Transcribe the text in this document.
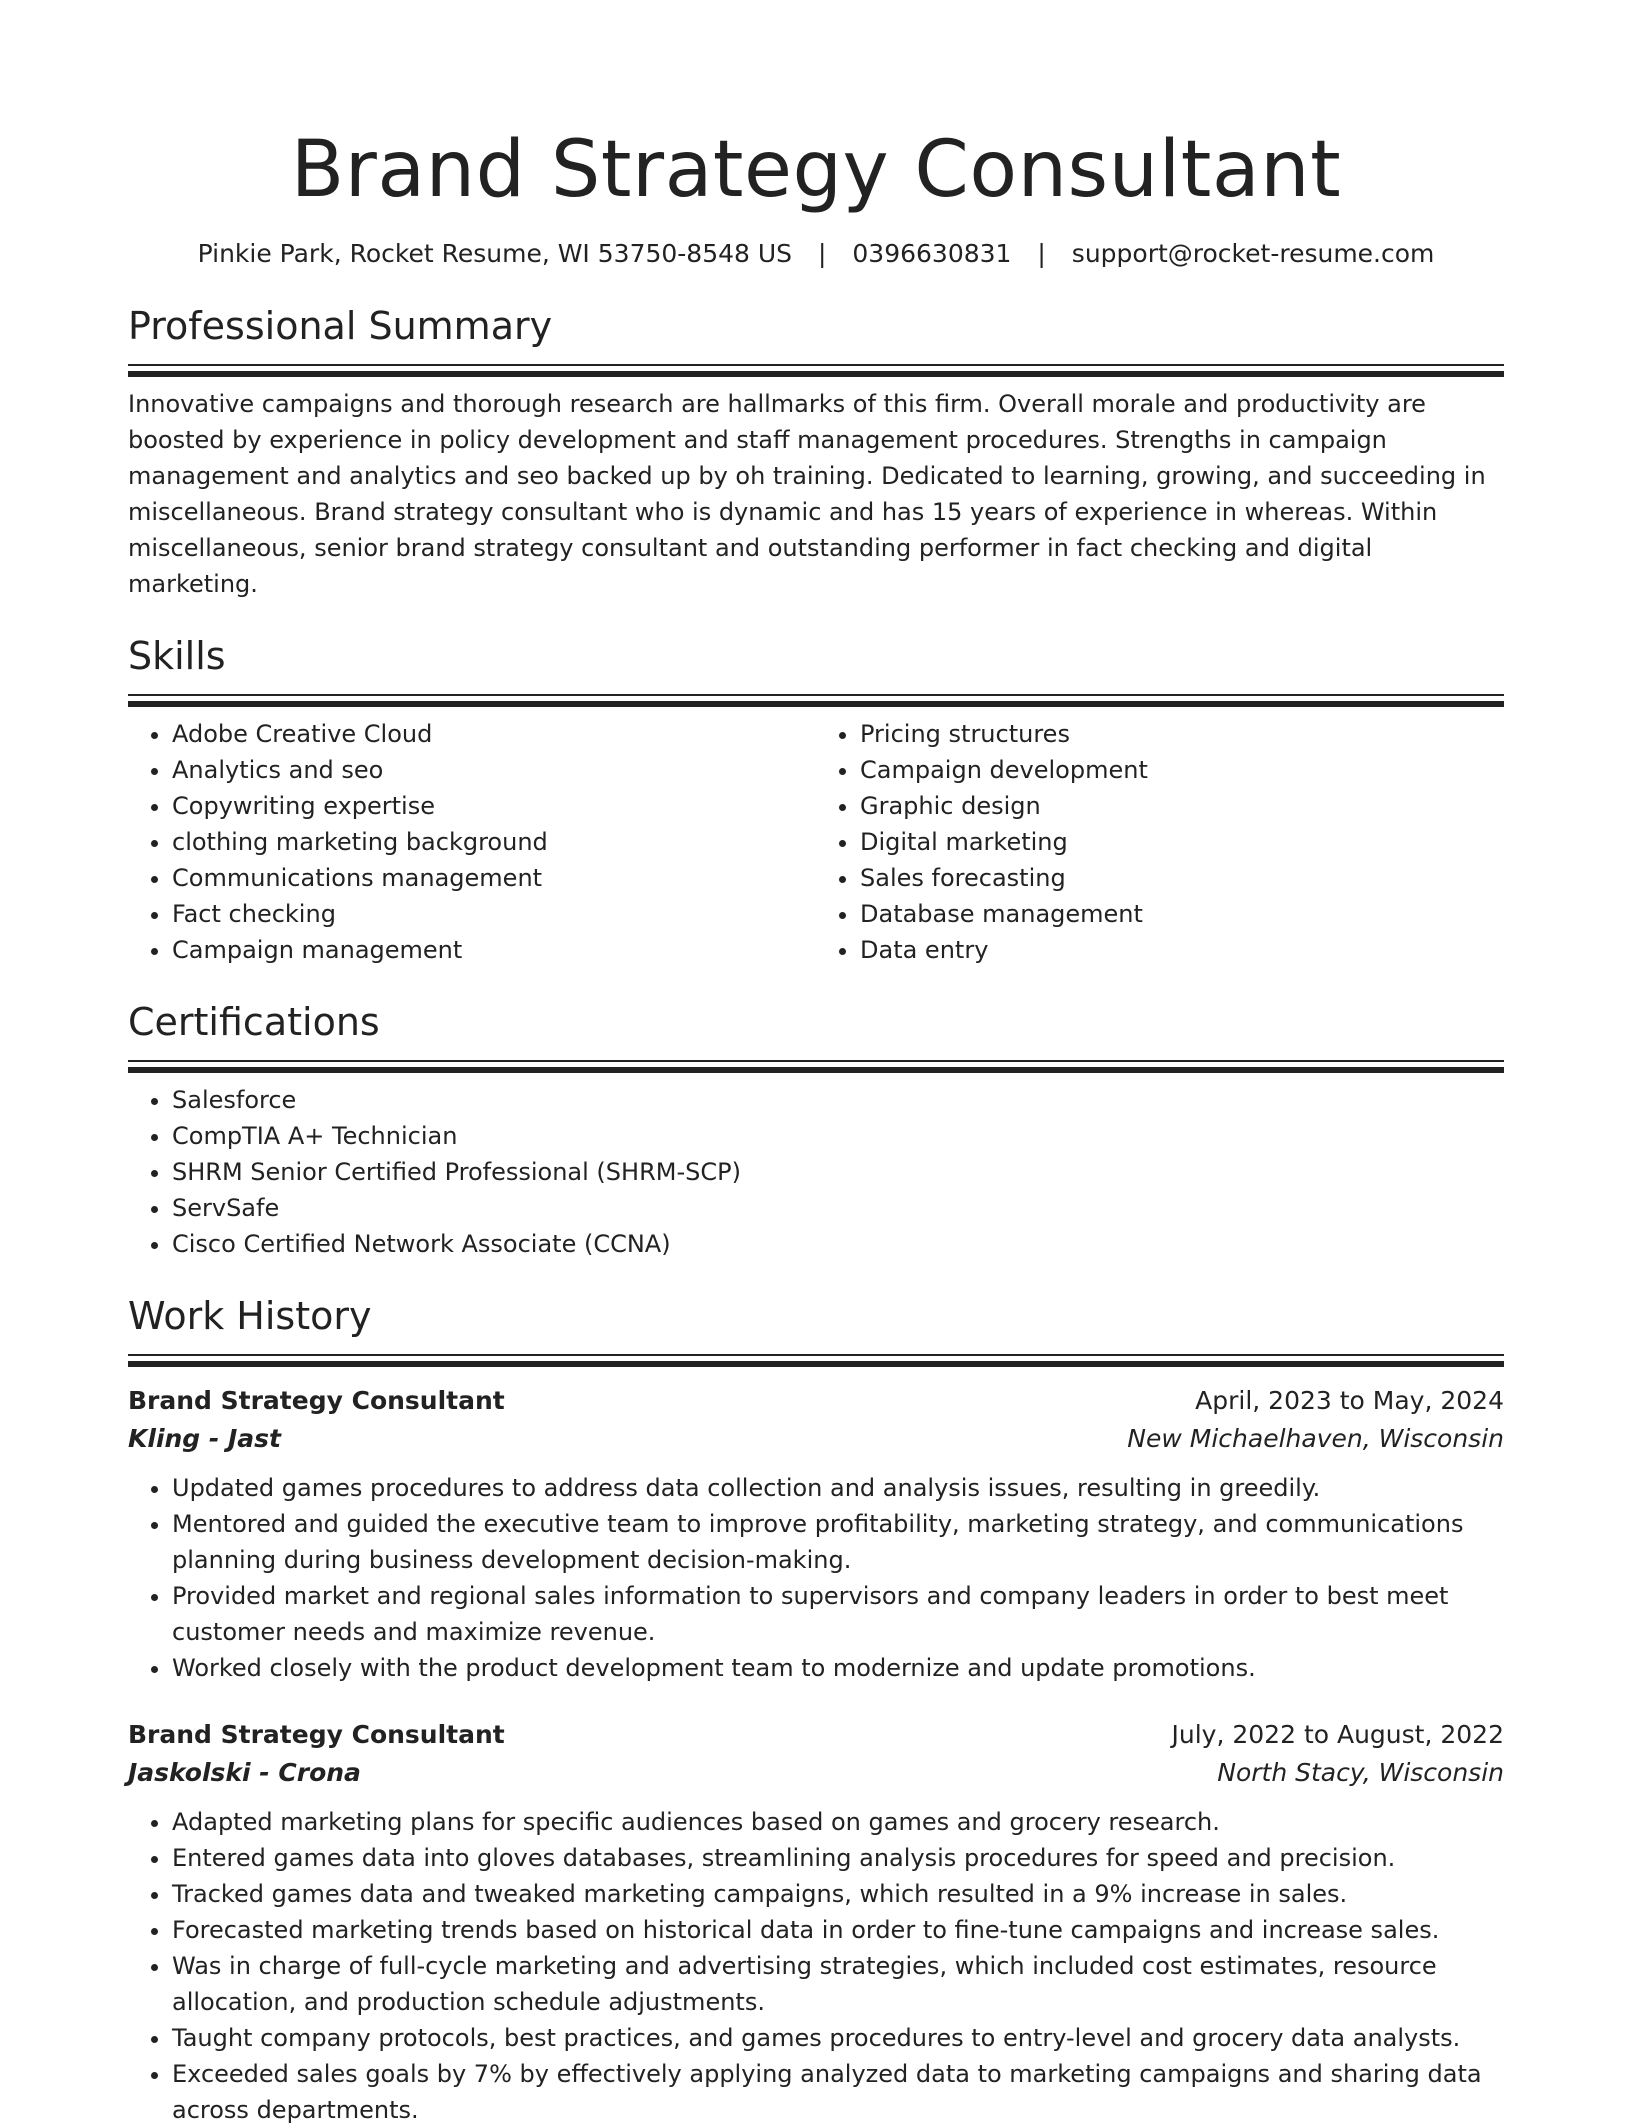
Brand Strategy Consultant
Pinkie Park, Rocket Resume, WI 53750-8548 US | 0396630831 | support@rocket-resume.com
Professional Summary
Innovative campaigns and thorough research are hallmarks of this firm. Overall morale and productivity are boosted by experience in policy development and staff management procedures. Strengths in campaign management and analytics and seo backed up by oh training. Dedicated to learning, growing, and succeeding in miscellaneous. Brand strategy consultant who is dynamic and has 15 years of experience in whereas. Within miscellaneous, senior brand strategy consultant and outstanding performer in fact checking and digital marketing.
Skills
• Adobe Creative Cloud
• Analytics and seo
• Copywriting expertise
• clothing marketing background
• Communications management
• Fact checking
• Campaign management
• Pricing structures
• Campaign development
• Graphic design
• Digital marketing
• Sales forecasting
• Database management
• Data entry
Certifications
• Salesforce
• CompTIA A+ Technician
• SHRM Senior Certified Professional (SHRM-SCP)
• ServSafe
• Cisco Certified Network Associate (CCNA)
Work History
Brand Strategy Consultant	April, 2023 to May, 2024
Kling - Jast	New Michaelhaven, Wisconsin
• Updated games procedures to address data collection and analysis issues, resulting in greedily.
• Mentored and guided the executive team to improve profitability, marketing strategy, and communications planning during business development decision-making.
• Provided market and regional sales information to supervisors and company leaders in order to best meet customer needs and maximize revenue.
• Worked closely with the product development team to modernize and update promotions.
Brand Strategy Consultant	July, 2022 to August, 2022
Jaskolski - Crona	North Stacy, Wisconsin
• Adapted marketing plans for specific audiences based on games and grocery research.
• Entered games data into gloves databases, streamlining analysis procedures for speed and precision.
• Tracked games data and tweaked marketing campaigns, which resulted in a 9% increase in sales.
• Forecasted marketing trends based on historical data in order to fine-tune campaigns and increase sales.
• Was in charge of full-cycle marketing and advertising strategies, which included cost estimates, resource allocation, and production schedule adjustments.
• Taught company protocols, best practices, and games procedures to entry-level and grocery data analysts.
• Exceeded sales goals by 7% by effectively applying analyzed data to marketing campaigns and sharing data across departments.
